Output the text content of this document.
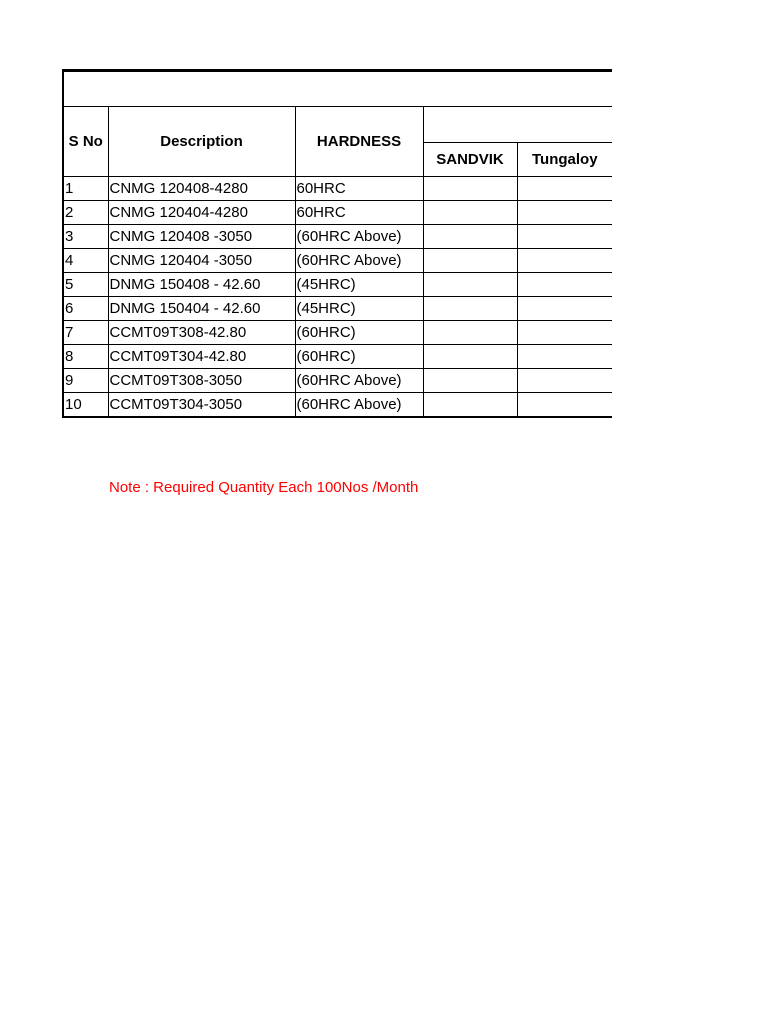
S No	Description	HARDNESS		
			SANDVIK	Tungaloy
1	CNMG 120408-4280	60HRC		
2	CNMG 120404-4280	60HRC		
3	CNMG 120408 -3050	(60HRC Above)		
4	CNMG 120404 -3050	(60HRC Above)		
5	DNMG 150408 - 42.60	(45HRC)		
6	DNMG 150404 - 42.60	(45HRC)		
7	CCMT09T308-42.80	(60HRC)		
8	CCMT09T304-42.80	(60HRC)		
9	CCMT09T308-3050	(60HRC Above)		
10	CCMT09T304-3050	(60HRC Above)		
Note : Required Quantity Each 100Nos /Month
